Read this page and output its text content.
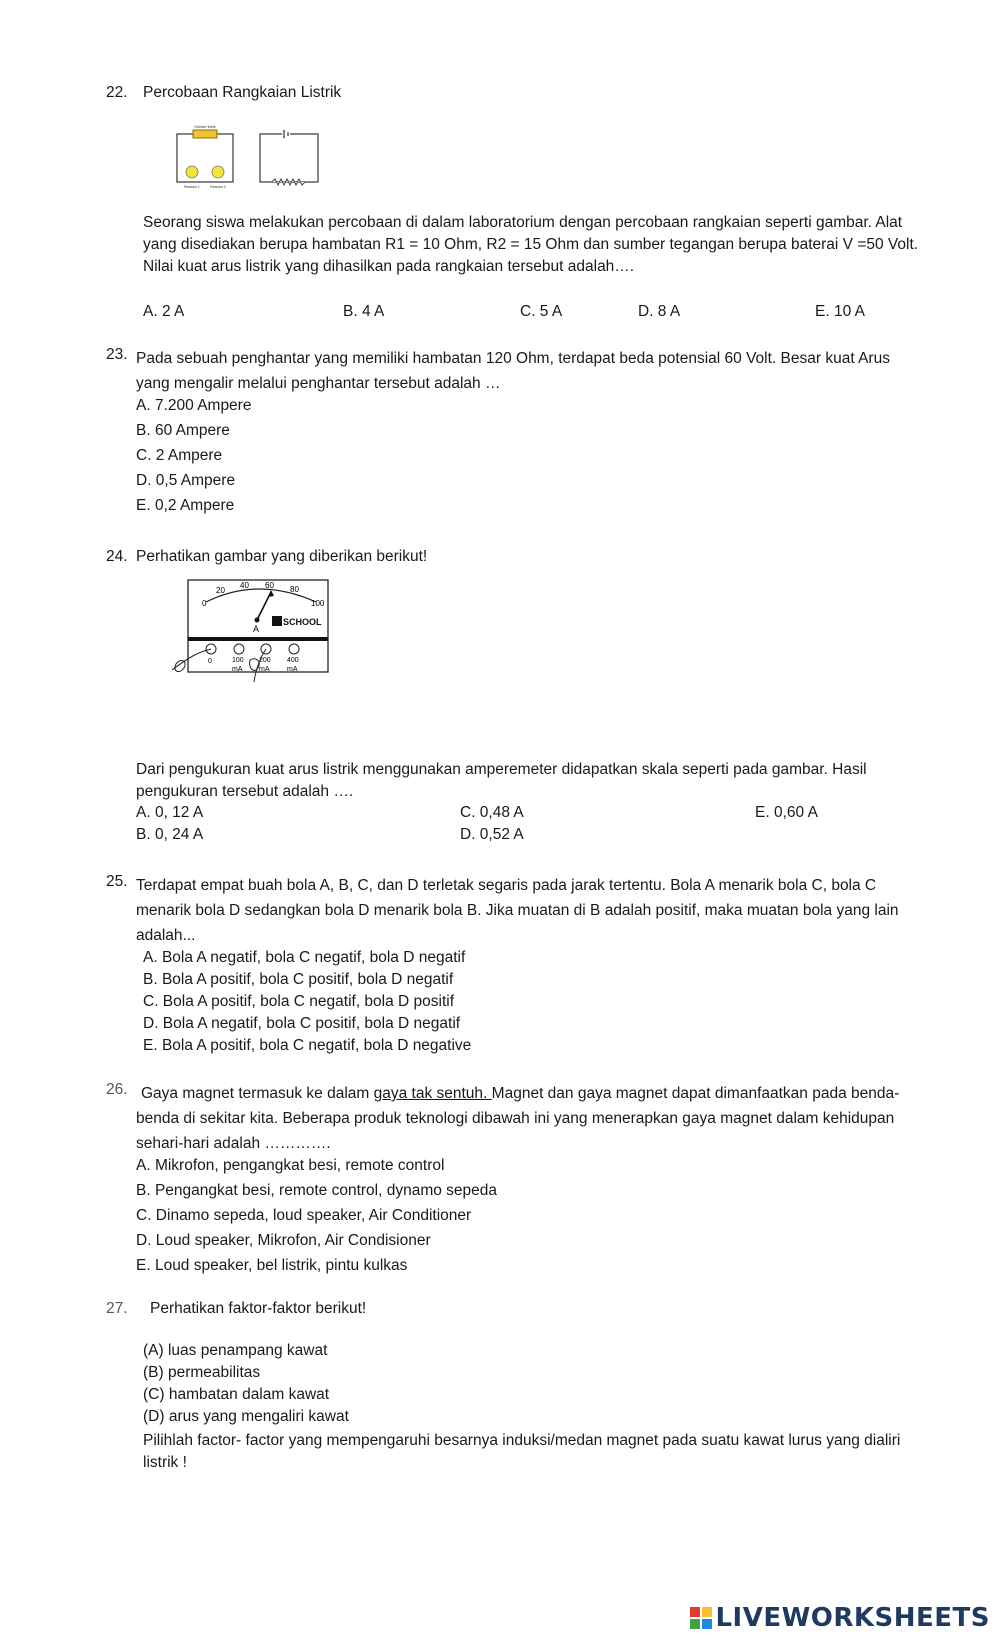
22. Percobaan Rangkaian Listrik
Sumber listrik
Resistor 1	Resistor 2
Seorang siswa melakukan percobaan di dalam laboratorium dengan percobaan rangkaian seperti gambar. Alat yang disediakan berupa hambatan R1 = 10 Ohm, R2 = 15 Ohm dan sumber tegangan berupa baterai V =50 Volt. Nilai kuat arus listrik yang dihasilkan pada rangkaian tersebut adalah….
A. 2 A	B. 4 A	C. 5 A	D. 8 A	E. 10 A
23. Pada sebuah penghantar yang memiliki hambatan 120 Ohm, terdapat beda potensial 60 Volt. Besar kuat Arus yang mengalir melalui penghantar tersebut adalah …
A. 7.200 Ampere
B. 60 Ampere
C. 2 Ampere
D. 0,5 Ampere
E. 0,2 Ampere
24. Perhatikan gambar yang diberikan berikut!
0
20
40 60 80
100
A
SCHOOL
0	100 200 400
mA mA	mA
Dari pengukuran kuat arus listrik menggunakan amperemeter didapatkan skala seperti pada gambar. Hasil pengukuran tersebut adalah ….
A. 0, 12 A
B. 0, 24 A
C. 0,48 A
D. 0,52 A
E. 0,60 A
25. Terdapat empat buah bola A, B, C, dan D terletak segaris pada jarak tertentu. Bola A menarik bola C, bola C menarik bola D sedangkan bola D menarik bola B. Jika muatan di B adalah positif, maka muatan bola yang lain adalah...
A. Bola A negatif, bola C negatif, bola D negatif
B. Bola A positif, bola C positif, bola D negatif
C. Bola A positif, bola C negatif, bola D positif
D. Bola A negatif, bola C positif, bola D negatif
E. Bola A positif, bola C negatif, bola D negative
26. Gaya magnet termasuk ke dalam gaya tak sentuh. Magnet dan gaya magnet dapat dimanfaatkan pada benda-benda di sekitar kita. Beberapa produk teknologi dibawah ini yang menerapkan gaya magnet dalam kehidupan sehari-hari adalah ………….
A. Mikrofon, pengangkat besi, remote control
B. Pengangkat besi, remote control, dynamo sepeda
C. Dinamo sepeda, loud speaker, Air Conditioner
D. Loud speaker, Mikrofon, Air Condisioner
E. Loud speaker, bel listrik, pintu kulkas
27. Perhatikan faktor-faktor berikut!
(A) luas penampang kawat
(B) permeabilitas
(C) hambatan dalam kawat
(D) arus yang mengaliri kawat
Pilihlah factor- factor yang mempengaruhi besarnya induksi/medan magnet pada suatu kawat lurus yang dialiri listrik !
LIVEWORKSHEETS
